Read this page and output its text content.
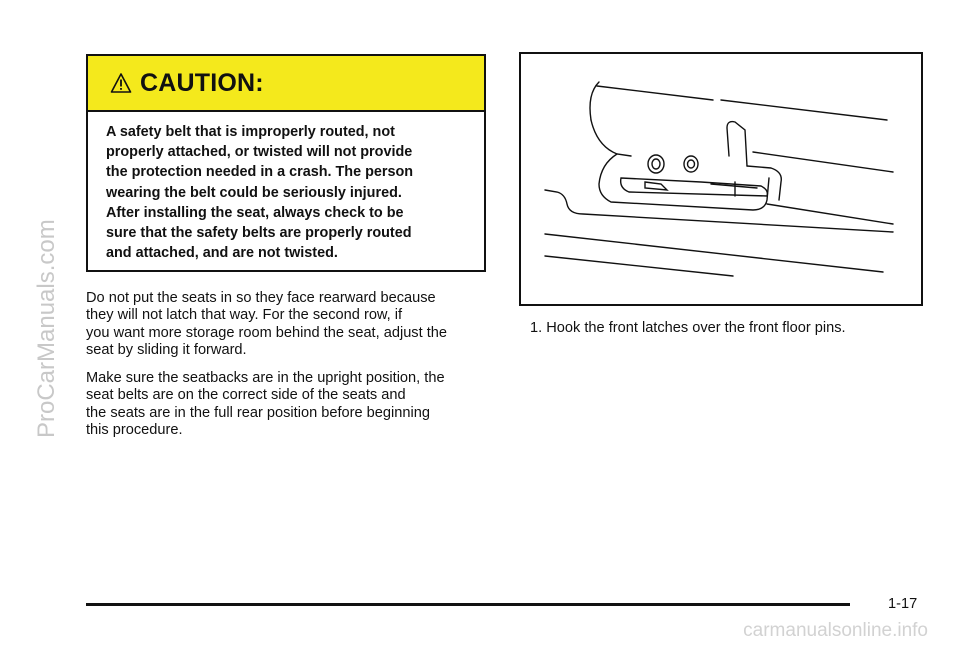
ProCarManuals.com
CAUTION:
A safety belt that is improperly routed, not
properly attached, or twisted will not provide
the protection needed in a crash. The person
wearing the belt could be seriously injured.
After installing the seat, always check to be
sure that the safety belts are properly routed
and attached, and are not twisted.
Do not put the seats in so they face rearward because
they will not latch that way. For the second row, if
you want more storage room behind the seat, adjust the
seat by sliding it forward.
Make sure the seatbacks are in the upright position, the
seat belts are on the correct side of the seats and
the seats are in the full rear position before beginning
this procedure.
1. Hook the front latches over the front floor pins.
1-17
carmanualsonline.info
